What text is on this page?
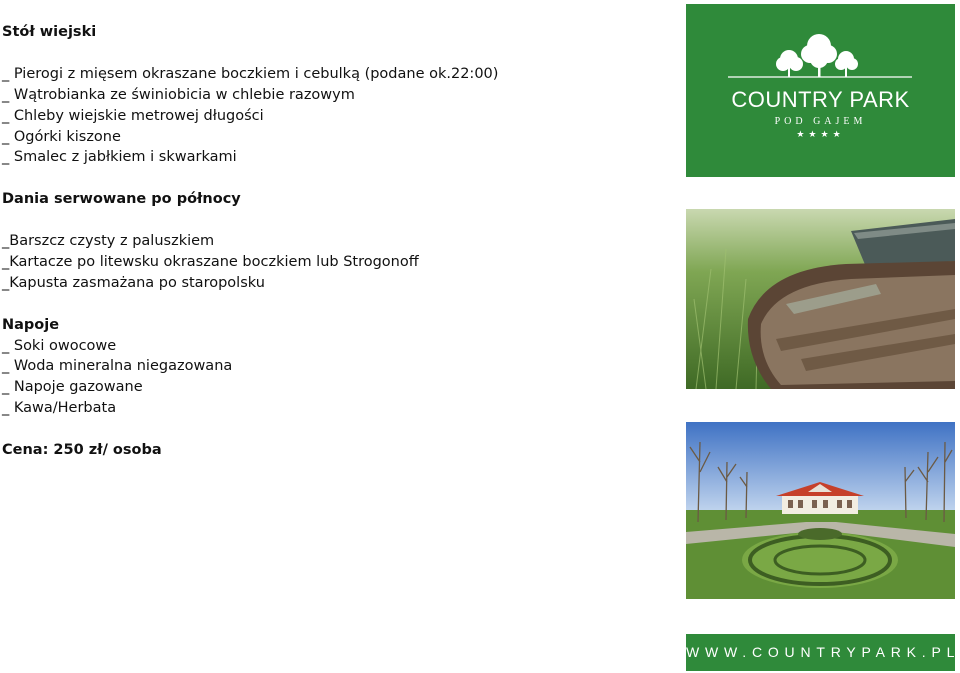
Stół wiejski

_ Pierogi z mięsem okraszane boczkiem i cebulką (podane ok.22:00)

_ Wątrobianka ze świniobicia w chlebie razowym

_ Chleby wiejskie metrowej długości

_ Ogórki kiszone

_ Smalec z jabłkiem i skwarkami

Dania serwowane po północy

_Barszcz czysty z paluszkiem

_Kartacze po litewsku okraszane boczkiem lub Strogonoff

_Kapusta zasmażana po staropolsku

Napoje

_ Soki owocowe

_ Woda mineralna niegazowana

_ Napoje gazowane

_ Kawa/Herbata

Cena: 250 zł/ osoba
COUNTRY PARK
POD GAJEM
★★★★
WWW.COUNTRYPARK.PL
